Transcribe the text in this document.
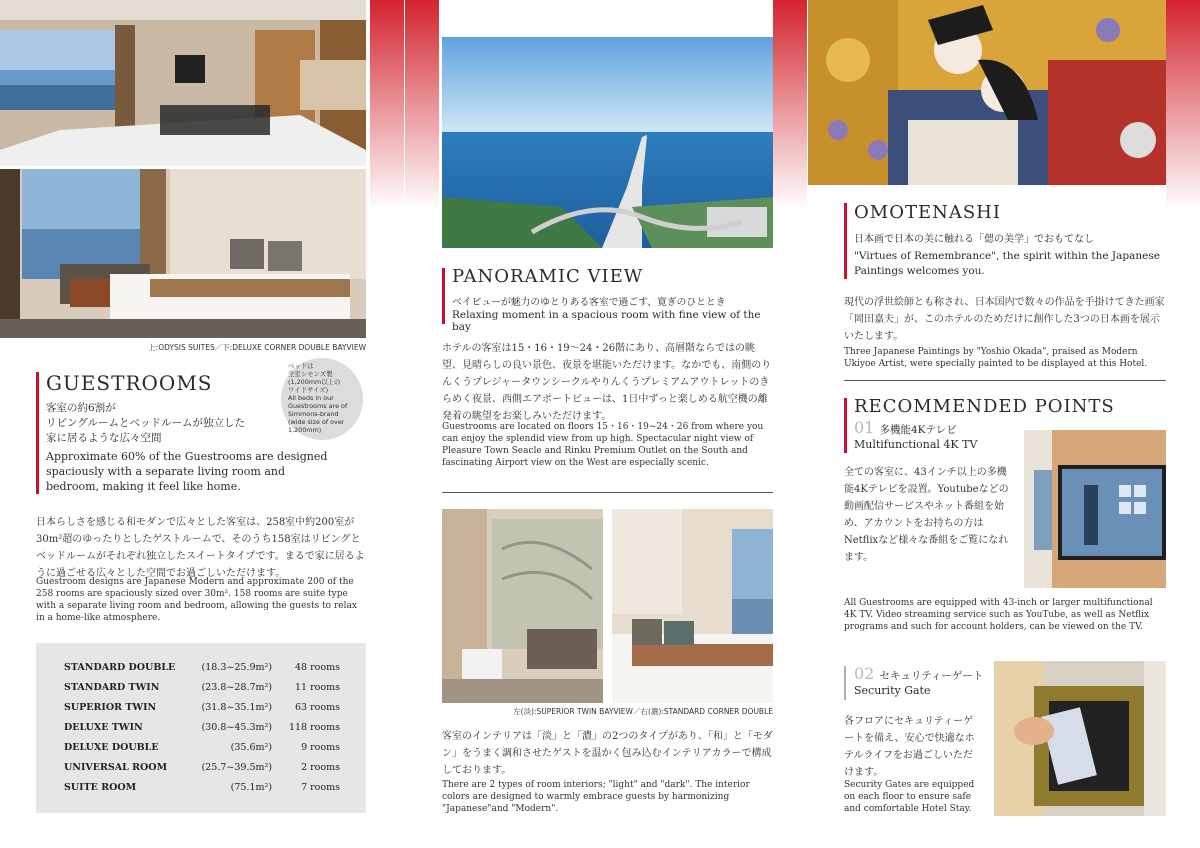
上:ODYSIS SUITES／下:DELUXE CORNER DOUBLE BAYVIEW
ベッドは
全室シモンズ製
(1,200mm以上の
ワイドサイズ)
All beds in our
Guestrooms are of
Simmons-brand
(wide size of over
1,200mm)
GUESTROOMS
客室の約6割が
リビングルームとベッドルームが独立した
家に居るような広々空間
Approximate 60% of the Guestrooms are designed spaciously with a separate living room and bedroom, making it feel like home.
日本らしさを感じる和モダンで広々とした客室は、258室中約200室が30m²超のゆったりとしたゲストルームで、そのうち158室はリビングとベッドルームがそれぞれ独立したスイートタイプです。まるで家に居るように過ごせる広々とした空間でお過ごしいただけます。
Guestroom designs are Japanese Modern and approximate 200 of the 258 rooms are spaciously sized over 30m². 158 rooms are suite type with a separate living room and bedroom, allowing the guests to relax in a home-like atmosphere.
STANDARD DOUBLE	(18.3~25.9m²)	48 rooms
STANDARD TWIN	(23.8~28.7m²)	11 rooms
SUPERIOR TWIN	(31.8~35.1m²)	63 rooms
DELUXE TWIN	(30.8~45.3m²)	118 rooms
DELUXE DOUBLE	(35.6m²)	9 rooms
UNIVERSAL ROOM	(25.7~39.5m²)	2 rooms
SUITE ROOM	(75.1m²)	7 rooms
PANORAMIC VIEW
ベイビューが魅力のゆとりある客室で過ごす、寛ぎのひととき
Relaxing moment in a spacious room with fine view of the bay
ホテルの客室は15・16・19～24・26階にあり、高層階ならではの眺望、見晴らしの良い景色、夜景を堪能いただけます。なかでも、南側のりんくうプレジャータウンシークルやりんくうプレミアムアウトレットのきらめく夜景、西側エアポートビューは、1日中ずっと楽しめる航空機の離発着の眺望をお楽しみいただけます。
Guestrooms are located on floors 15・16・19~24・26 from where you can enjoy the splendid view from up high. Spectacular night view of Pleasure Town Seacle and Rinku Premium Outlet on the South and fascinating Airport view on the West are especially scenic.
左(淡):SUPERIOR TWIN BAYVIEW／右(濃):STANDARD CORNER DOUBLE
客室のインテリアは「淡」と「濃」の2つのタイプがあり、「和」と「モダン」をうまく調和させたゲストを温かく包み込むインテリアカラーで構成しております。
There are 2 types of room interiors; "light" and "dark". The interior colors are designed to warmly embrace guests by harmonizing "Japanese"and "Modern".
OMOTENASHI
日本画で日本の美に触れる「偲の美学」でおもてなし
"Virtues of Remembrance", the spirit within the Japanese Paintings welcomes you.
現代の浮世絵師とも称され、日本国内で数々の作品を手掛けてきた画家「岡田嘉夫」が、このホテルのためだけに創作した3つの日本画を展示いたします。
Three Japanese Paintings by "Yoshio Okada", praised as Modern Ukiyoe Artist, were specially painted to be displayed at this Hotel.
RECOMMENDED POINTS
01 多機能4Kテレビ
Multifunctional 4K TV
全ての客室に、43インチ以上の多機能4Kテレビを設置。Youtubeなどの動画配信サービスやネット番組を始め、アカウントをお持ちの方はNetflixなど様々な番組をご覧になれます。
All Guestrooms are equipped with 43-inch or larger multifunctional 4K TV. Video streaming service such as YouTube, as well as Netflix programs and such for account holders, can be viewed on the TV.
02 セキュリティーゲート
Security Gate
各フロアにセキュリティーゲートを備え、安心で快適なホテルライフをお過ごしいただけます。
Security Gates are equipped on each floor to ensure safe and comfortable Hotel Stay.
